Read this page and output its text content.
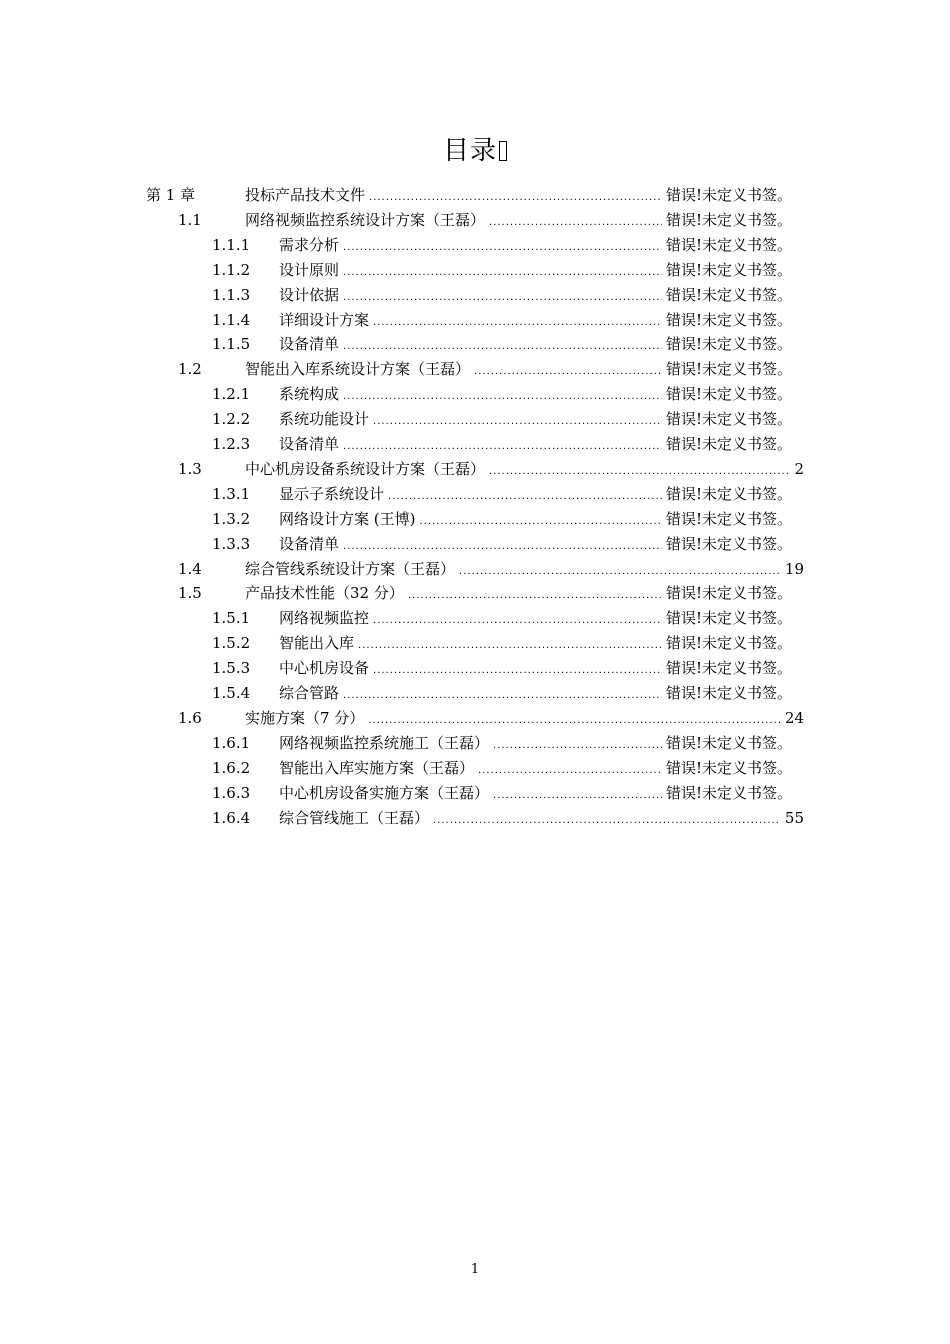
目录
第 1 章	投标产品技术文件 .....	错误!未定义书签。
1.1	网络视频监控系统设计方案（王磊） .....	错误!未定义书签。
1.1.1 需求分析 .....	错误!未定义书签。
1.1.2 设计原则 .....	错误!未定义书签。
1.1.3 设计依据 .....	错误!未定义书签。
1.1.4 详细设计方案 .....	错误!未定义书签。
1.1.5 设备清单 .....	错误!未定义书签。
1.2	智能出入库系统设计方案（王磊） .....	错误!未定义书签。
1.2.1 系统构成 .....	错误!未定义书签。
1.2.2 系统功能设计 .....	错误!未定义书签。
1.2.3 设备清单 .....	错误!未定义书签。
1.3	中心机房设备系统设计方案（王磊） .....	2
1.3.1 显示子系统设计 .....	错误!未定义书签。
1.3.2 网络设计方案 (王博) .....	错误!未定义书签。
1.3.3 设备清单 .....	错误!未定义书签。
1.4	综合管线系统设计方案（王磊） .....	19
1.5	产品技术性能（32 分） .....	错误!未定义书签。
1.5.1 网络视频监控 .....	错误!未定义书签。
1.5.2 智能出入库 .....	错误!未定义书签。
1.5.3 中心机房设备 .....	错误!未定义书签。
1.5.4 综合管路 .....	错误!未定义书签。
1.6	实施方案（7 分） .....	24
1.6.1 网络视频监控系统施工（王磊） .....	错误!未定义书签。
1.6.2 智能出入库实施方案（王磊） .....	错误!未定义书签。
1.6.3 中心机房设备实施方案（王磊） .....	错误!未定义书签。
1.6.4 综合管线施工（王磊） .....	55
1
